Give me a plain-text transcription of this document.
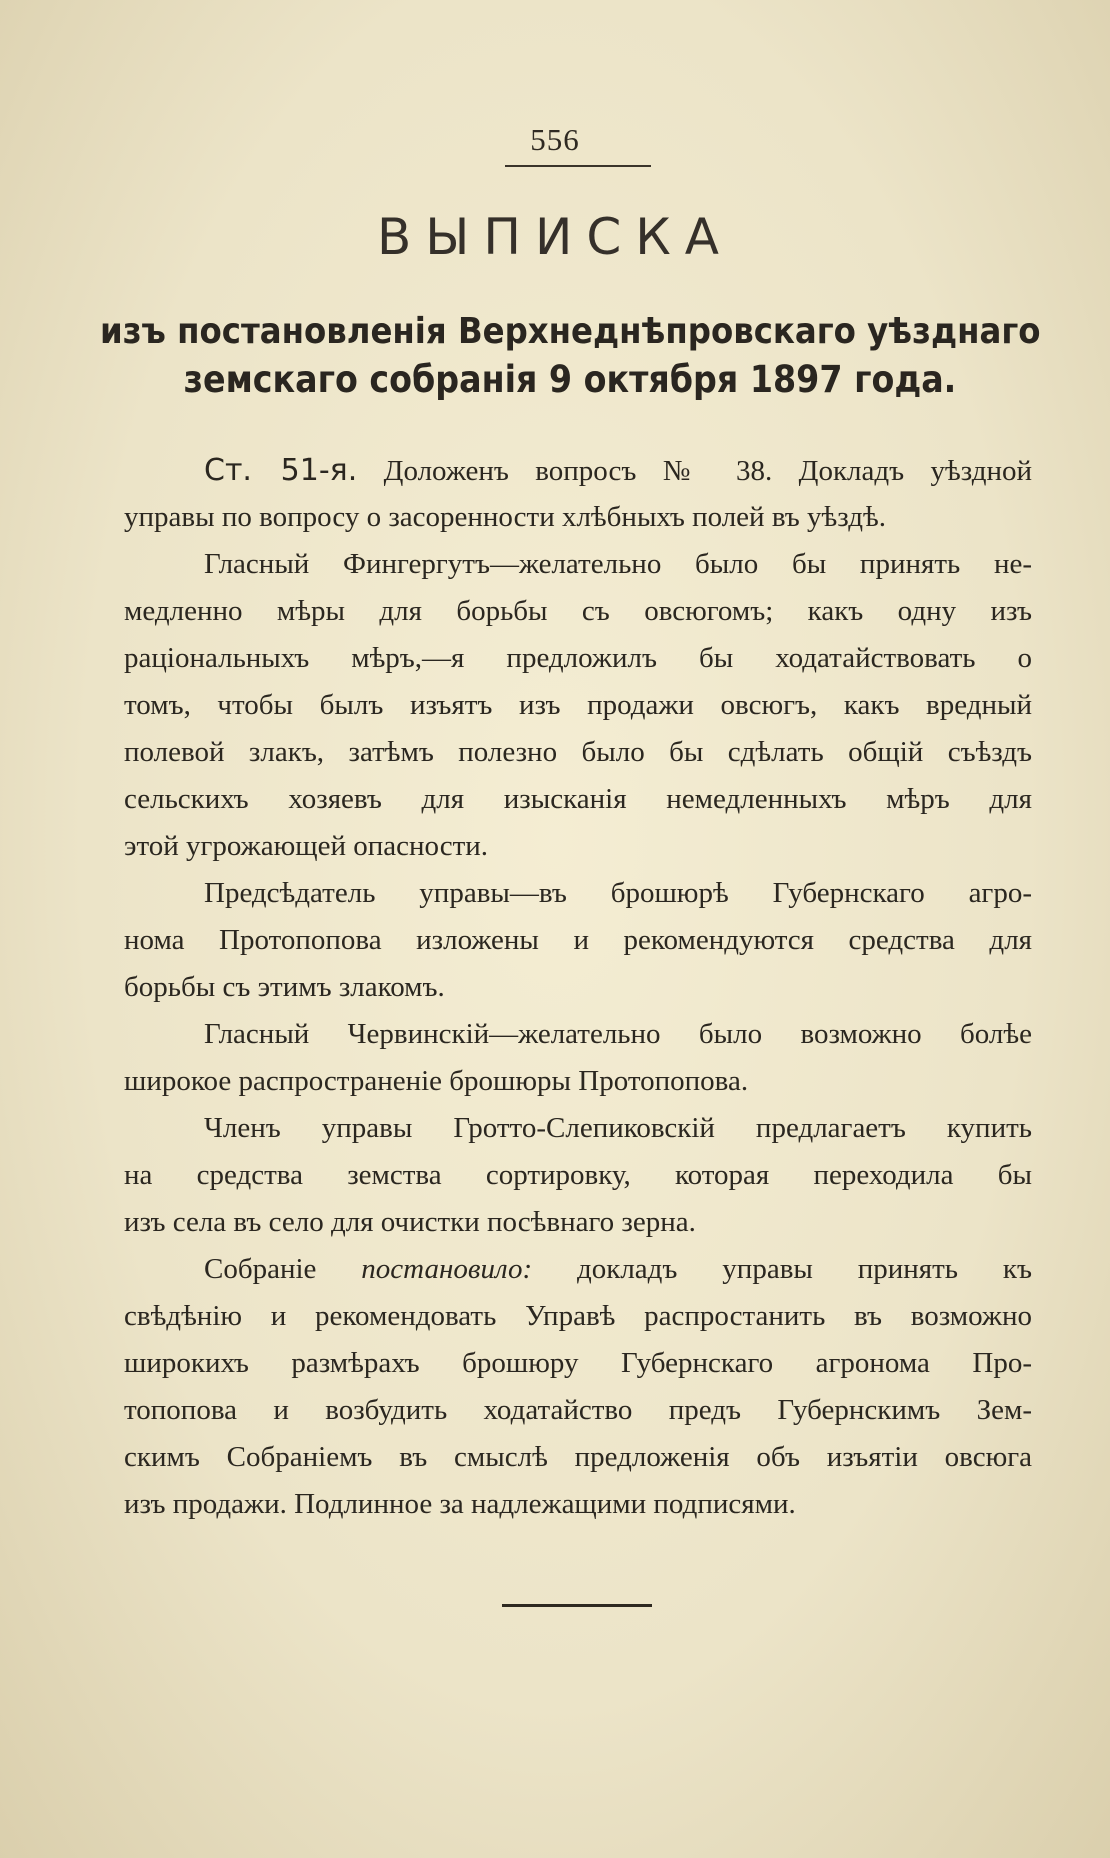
556
ВЫПИСКА
изъ постановленія Верхнеднѣпровскаго уѣзднаго
земскаго собранія 9 октября 1897 года.
Ст. 51-я. Доложенъ вопросъ № 38. Докладъ уѣздной
управы по вопросу о засоренности хлѣбныхъ полей въ уѣздѣ.
Гласный Фингергутъ—желательно было бы принять не-
медленно мѣры для борьбы съ овсюгомъ; какъ одну изъ
раціональныхъ мѣръ,—я предложилъ бы ходатайствовать о
томъ, чтобы былъ изъятъ изъ продажи овсюгъ, какъ вредный
полевой злакъ, затѣмъ полезно было бы сдѣлать общій съѣздъ
сельскихъ хозяевъ для изысканія немедленныхъ мѣръ для
этой угрожающей опасности.
Предсѣдатель управы—въ брошюрѣ Губернскаго агро-
нома Протопопова изложены и рекомендуются средства для
борьбы съ этимъ злакомъ.
Гласный Червинскій—желательно было возможно болѣе
широкое распространеніе брошюры Протопопова.
Членъ управы Гротто-Слепиковскій предлагаетъ купить
на средства земства сортировку, которая переходила бы
изъ села въ село для очистки посѣвнаго зерна.
Собраніе постановило: докладъ управы принять къ
свѣдѣнію и рекомендовать Управѣ распростанить въ возможно
широкихъ размѣрахъ брошюру Губернскаго агронома Про-
топопова и возбудить ходатайство предъ Губернскимъ Зем-
скимъ Собраніемъ въ смыслѣ предложенія объ изъятіи овсюга
изъ продажи. Подлинное за надлежащими подписями.
